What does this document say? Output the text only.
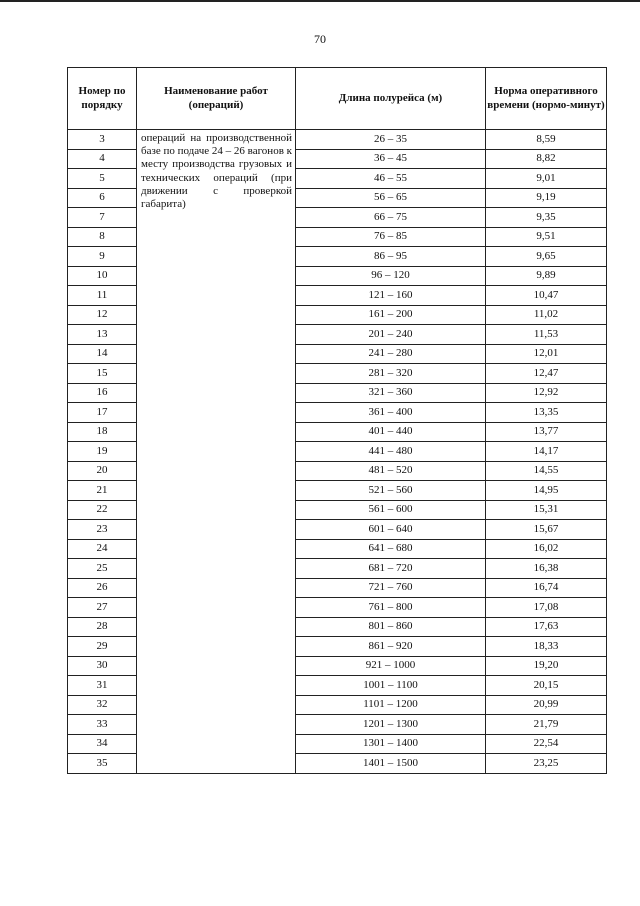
70
Номер по порядку	Наименование работ (операций)	Длина полурейса (м)	Норма оперативного времени (нормо-минут)
3	операций на производственной базе по подаче 24 – 26 вагонов к месту производства грузовых и технических операций (при движении с проверкой габарита)	26 – 35	8,59
4		36 – 45	8,82
5		46 – 55	9,01
6		56 – 65	9,19
7		66 – 75	9,35
8		76 – 85	9,51
9		86 – 95	9,65
10		96 – 120	9,89
11		121 – 160	10,47
12		161 – 200	11,02
13		201 – 240	11,53
14		241 – 280	12,01
15		281 – 320	12,47
16		321 – 360	12,92
17		361 – 400	13,35
18		401 – 440	13,77
19		441 – 480	14,17
20		481 – 520	14,55
21		521 – 560	14,95
22		561 – 600	15,31
23		601 – 640	15,67
24		641 – 680	16,02
25		681 – 720	16,38
26		721 – 760	16,74
27		761 – 800	17,08
28		801 – 860	17,63
29		861 – 920	18,33
30		921 – 1000	19,20
31		1001 – 1100	20,15
32		1101 – 1200	20,99
33		1201 – 1300	21,79
34		1301 – 1400	22,54
35		1401 – 1500	23,25
